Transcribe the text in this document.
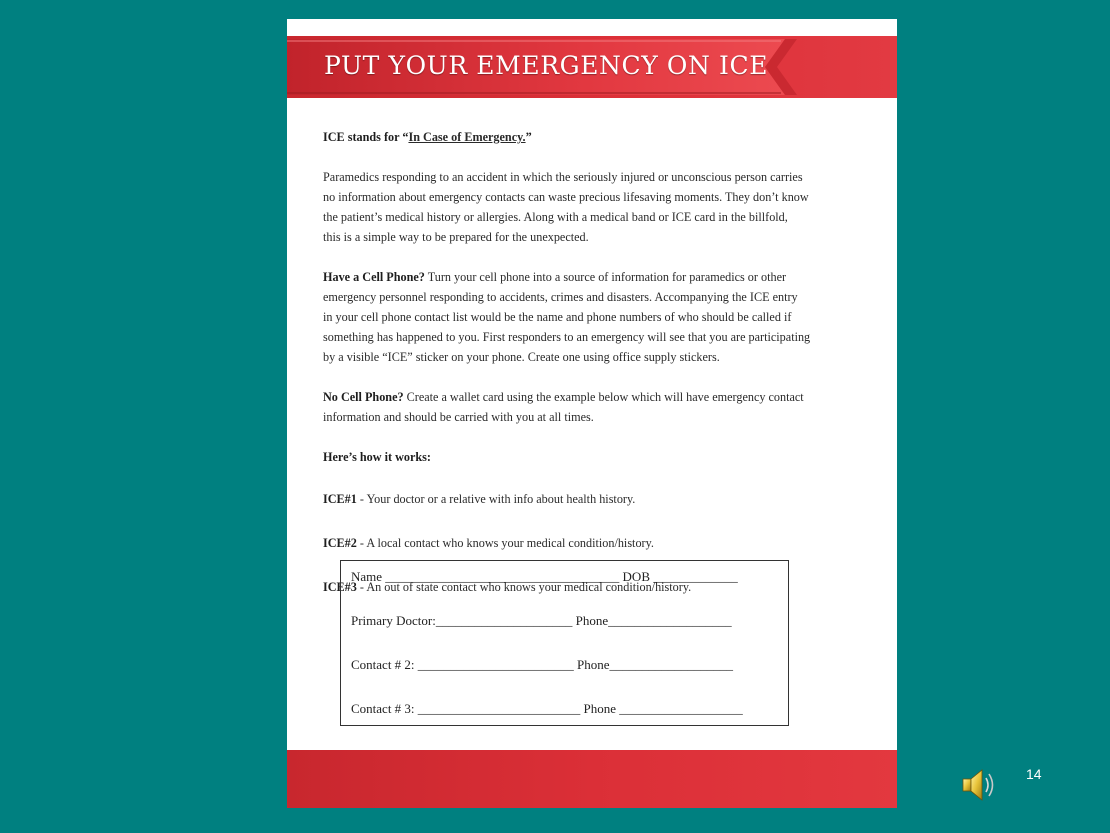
PUT YOUR EMERGENCY ON ICE

ICE stands for “In Case of Emergency.”

Paramedics responding to an accident in which the seriously injured or unconscious person carries
no information about emergency contacts can waste precious lifesaving moments. They don’t know
the patient’s medical history or allergies. Along with a medical band or ICE card in the billfold,
this is a simple way to be prepared for the unexpected.

Have a Cell Phone? Turn your cell phone into a source of information for paramedics or other
emergency personnel responding to accidents, crimes and disasters. Accompanying the ICE entry
in your cell phone contact list would be the name and phone numbers of who should be called if
something has happened to you. First responders to an emergency will see that you are participating
by a visible “ICE” sticker on your phone. Create one using office supply stickers.

No Cell Phone? Create a wallet card using the example below which will have emergency contact
information and should be carried with you at all times.

Here’s how it works:

ICE#1 - Your doctor or a relative with info about health history.

ICE#2 - A local contact who knows your medical condition/history.

ICE#3 - An out of state contact who knows your medical condition/history.

Name ____________________________________ DOB _____________
Primary Doctor:_____________________ Phone___________________
Contact # 2: ________________________ Phone___________________
Contact # 3: _________________________ Phone ___________________
14
